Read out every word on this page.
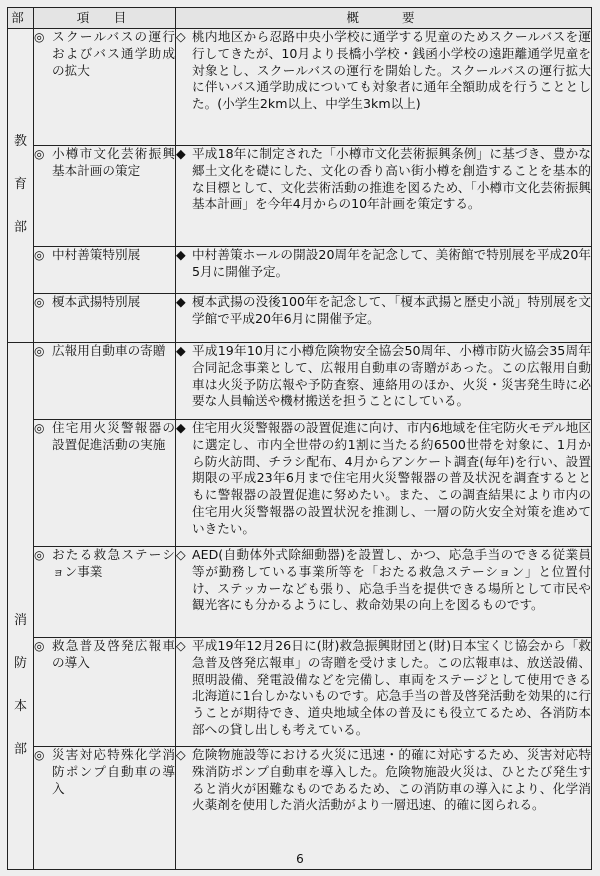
部	項　目	概　　要

教
育
部	◎ スクールバスの運行およびバス通学助成の拡大	◇ 桃内地区から忍路中央小学校に通学する児童のためスクールバスを運行してきたが、10月より長橋小学校・銭函小学校の遠距離通学児童を対象とし、スクールバスの運行を開始した。スクールバスの運行拡大に伴いバス通学助成についても対象者に通年全額助成を行うこととした。(小学生2km以上、中学生3km以上)

	◎ 小樽市文化芸術振興基本計画の策定	◆ 平成18年に制定された「小樽市文化芸術振興条例」に基づき、豊かな郷土文化を礎にした、文化の香り高い街小樽を創造することを基本的な目標として、文化芸術活動の推進を図るため、「小樽市文化芸術振興基本計画」を今年4月からの10年計画を策定する。

	◎ 中村善策特別展	◆ 中村善策ホールの開設20周年を記念して、美術館で特別展を平成20年5月に開催予定。

	◎ 榎本武揚特別展	◆ 榎本武揚の没後100年を記念して、「榎本武揚と歴史小説」特別展を文学館で平成20年6月に開催予定。

消
防
本
部	◎ 広報用自動車の寄贈	◆ 平成19年10月に小樽危険物安全協会50周年、小樽市防火協会35周年合同記念事業として、広報用自動車の寄贈があった。この広報用自動車は火災予防広報や予防査察、連絡用のほか、火災・災害発生時に必要な人員輸送や機材搬送を担うことにしている。

	◎ 住宅用火災警報器の設置促進活動の実施	◆ 住宅用火災警報器の設置促進に向け、市内6地域を住宅防火モデル地区に選定し、市内全世帯の約1割に当たる約6500世帯を対象に、1月から防火訪問、チラシ配布、4月からアンケート調査(毎年)を行い、設置期限の平成23年6月まで住宅用火災警報器の普及状況を調査するとともに警報器の設置促進に努めたい。また、この調査結果により市内の住宅用火災警報器の設置状況を推測し、一層の防火安全対策を進めていきたい。

	◎ おたる救急ステーション事業	◇ AED(自動体外式除細動器)を設置し、かつ、応急手当のできる従業員等が勤務している事業所等を「おたる救急ステーション」と位置付け、ステッカーなども張り、応急手当を提供できる場所として市民や観光客にも分かるようにし、救命効果の向上を図るものです。

	◎ 救急普及啓発広報車の導入	◇ 平成19年12月26日に(財)救急振興財団と(財)日本宝くじ協会から「救急普及啓発広報車」の寄贈を受けました。この広報車は、放送設備、照明設備、発電設備などを完備し、車両をステージとして使用できる北海道に1台しかないものです。応急手当の普及啓発活動を効果的に行うことが期待でき、道央地域全体の普及にも役立てるため、各消防本部への貸し出しも考えている。

	◎ 災害対応特殊化学消防ポンプ自動車の導入	◇ 危険物施設等における火災に迅速・的確に対応するため、災害対応特殊消防ポンプ自動車を導入した。危険物施設火災は、ひとたび発生すると消火が困難なものであるため、この消防車の導入により、化学消火薬剤を使用した消火活動がより一層迅速、的確に図られる。
6
